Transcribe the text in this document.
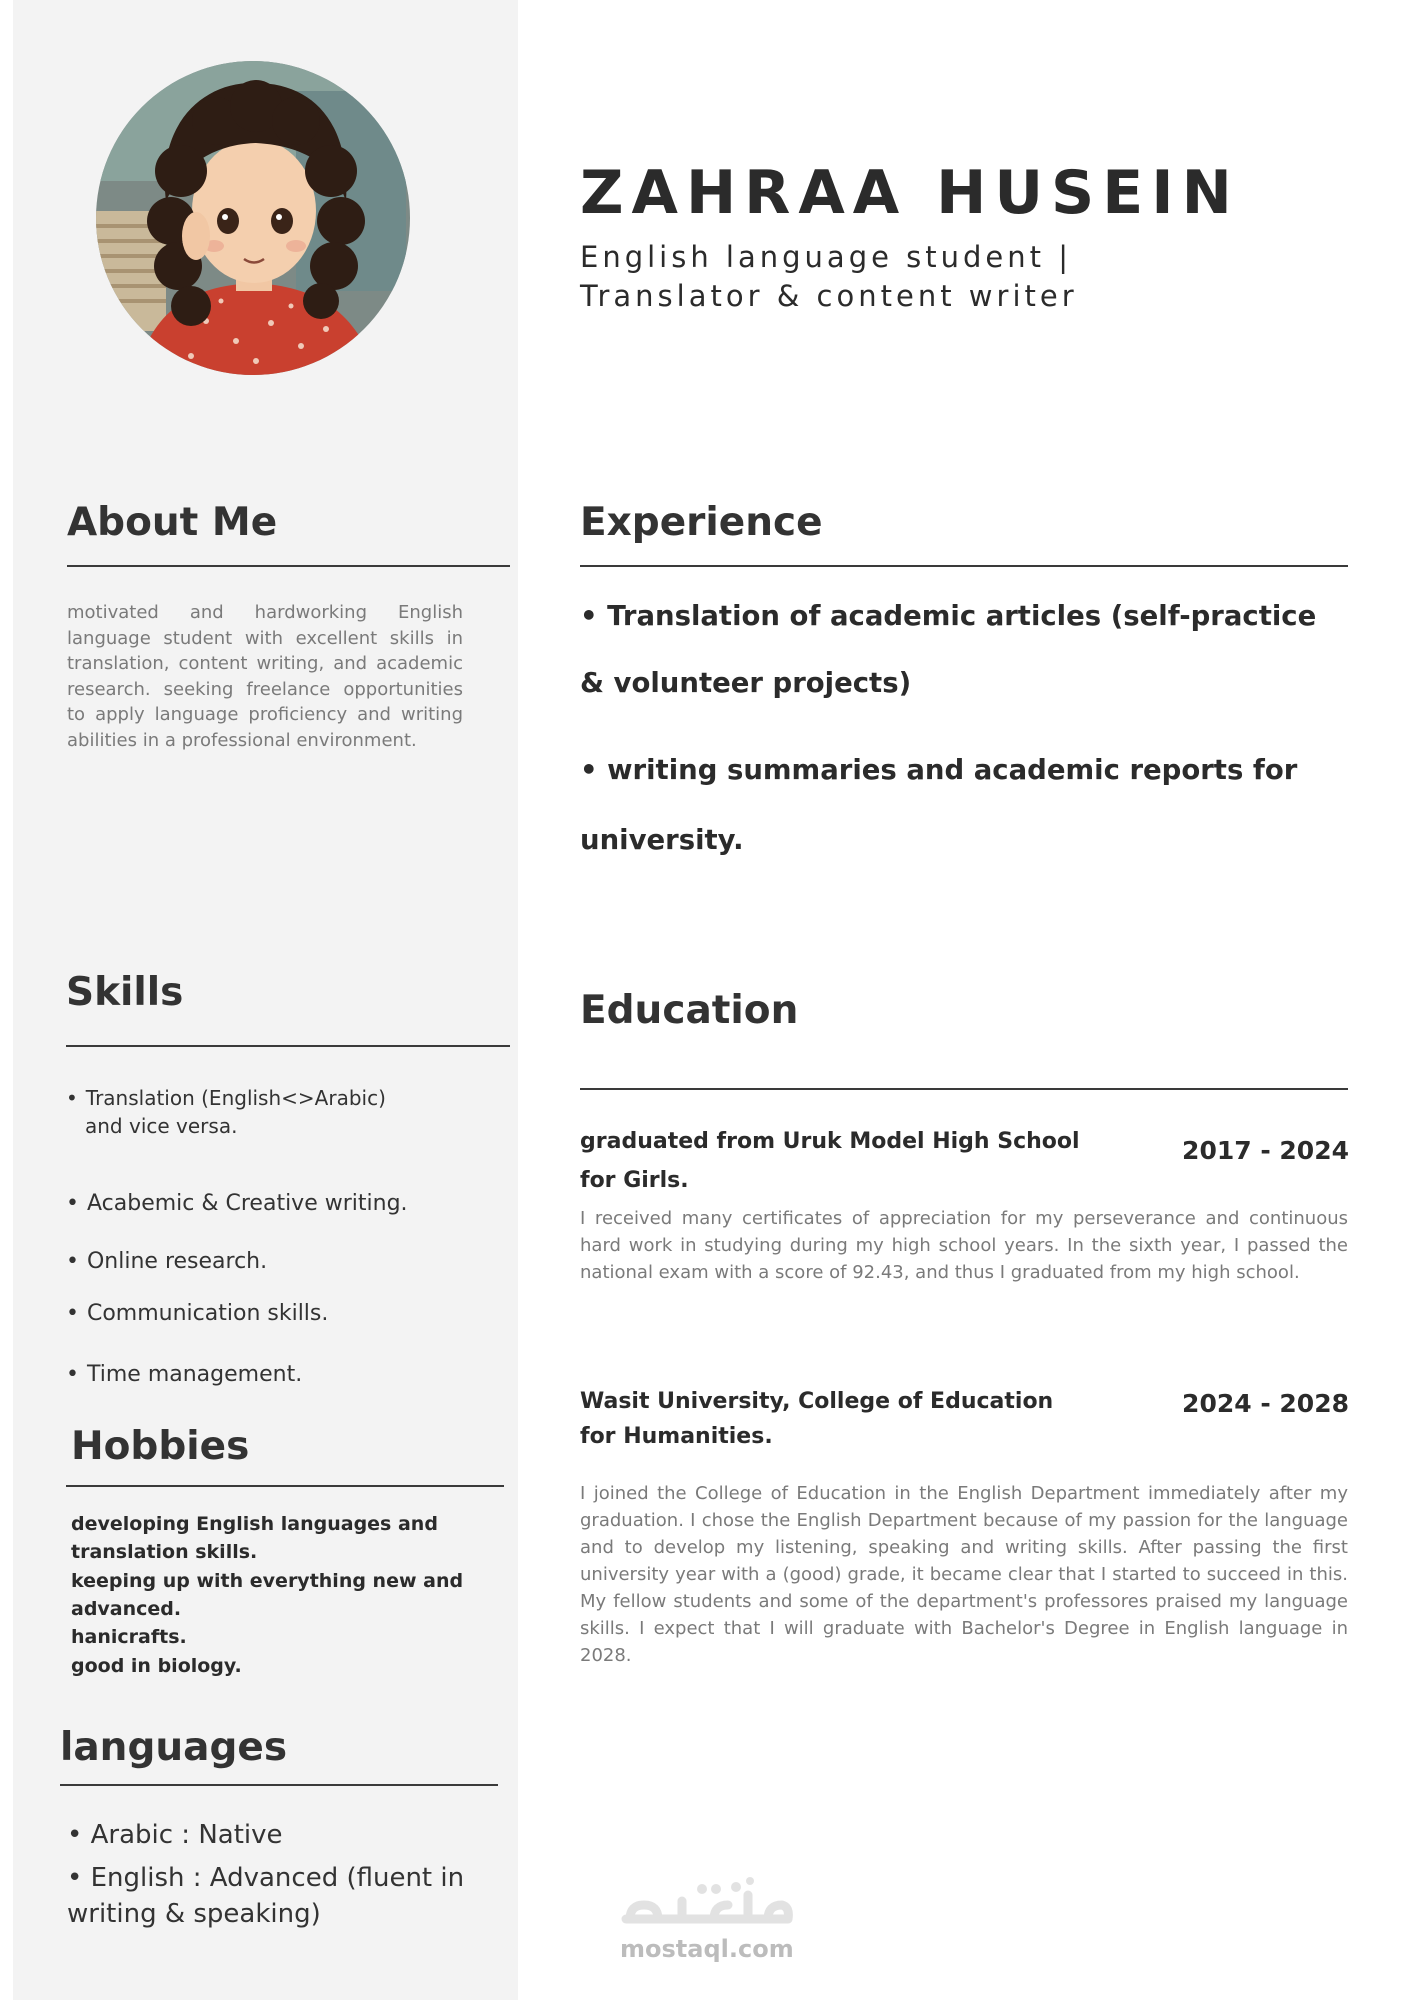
ZAHRAA HUSEIN
English language student |
Translator & content writer
About Me
motivated and hardworking English language student with excellent skills in translation, content writing, and academic research. seeking freelance opportunities to apply language proficiency and writing abilities in a professional environment.
Experience
• Translation of academic articles (self-practice
& volunteer projects)
• writing summaries and academic reports for
university.
Skills
• Translation (English<>Arabic)
and vice versa.
• Acabemic & Creative writing.
• Online research.
• Communication skills.
• Time management.
Hobbies
developing English languages and
translation skills.
keeping up with everything new and
advanced.
hanicrafts.
good in biology.
languages
• Arabic : Native
• English : Advanced (fluent in
writing & speaking)
Education
graduated from Uruk Model High School
for Girls.
2017 - 2024
I received many certificates of appreciation for my perseverance and continuous hard work in studying during my high school years. In the sixth year, I passed the national exam with a score of 92.43, and thus I graduated from my high school.
Wasit University, College of Education
for Humanities.
2024 - 2028
I joined the College of Education in the English Department immediately after my graduation. I chose the English Department because of my passion for the language and to develop my listening, speaking and writing skills. After passing the first university year with a (good) grade, it became clear that I started to succeed in this. My fellow students and some of the department's professores praised my language skills. I expect that I will graduate with Bachelor's Degree in English language in 2028.
mostaql.com
